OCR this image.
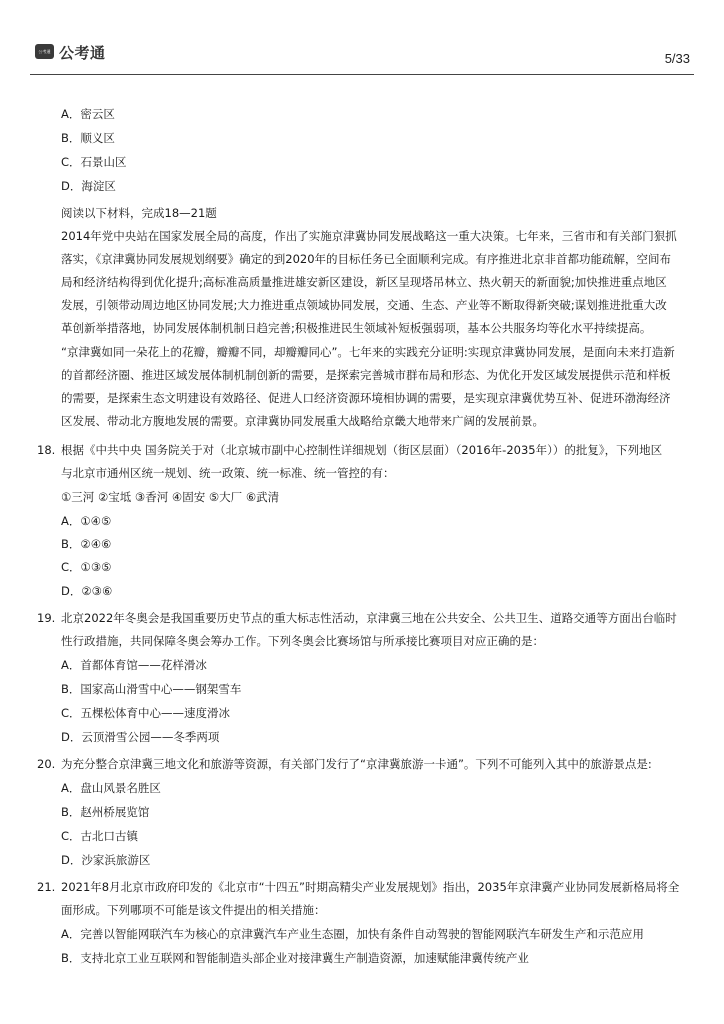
公考通 公考通	5/33
A．密云区
B．顺义区
C．石景山区
D．海淀区
阅读以下材料，完成18—21题
2014年党中央站在国家发展全局的高度，作出了实施京津冀协同发展战略这一重大决策。七年来，三省市和有关部门狠抓
落实，《京津冀协同发展规划纲要》确定的到2020年的目标任务已全面顺利完成。有序推进北京非首都功能疏解，空间布
局和经济结构得到优化提升;高标准高质量推进雄安新区建设，新区呈现塔吊林立、热火朝天的新面貌;加快推进重点地区
发展，引领带动周边地区协同发展;大力推进重点领域协同发展，交通、生态、产业等不断取得新突破;谋划推进批重大改
革创新举措落地，协同发展体制机制日趋完善;积极推进民生领域补短板强弱项，基本公共服务均等化水平持续提高。
“京津冀如同一朵花上的花瓣，瓣瓣不同，却瓣瓣同心”。七年来的实践充分证明:实现京津冀协同发展，是面向未来打造新
的首都经济圈、推进区域发展体制机制创新的需要，是探索完善城市群布局和形态、为优化开发区域发展提供示范和样板
的需要，是探索生态文明建设有效路径、促进人口经济资源环境相协调的需要，是实现京津冀优势互补、促进环渤海经济
区发展、带动北方腹地发展的需要。京津冀协同发展重大战略给京畿大地带来广阔的发展前景。
18. 根据《中共中央 国务院关于对（北京城市副中心控制性详细规划（街区层面）（2016年-2035年））的批复》，下列地区
与北京市通州区统一规划、统一政策、统一标准、统一管控的有：
①三河 ②宝坻 ③香河 ④固安 ⑤大厂 ⑥武清
A．①④⑤
B．②④⑥
C．①③⑤
D．②③⑥
19. 北京2022年冬奥会是我国重要历史节点的重大标志性活动，京津冀三地在公共安全、公共卫生、道路交通等方面出台临时
性行政措施，共同保障冬奥会筹办工作。下列冬奥会比赛场馆与所承接比赛项目对应正确的是：
A．首都体育馆——花样滑冰
B．国家高山滑雪中心——钢架雪车
C．五棵松体育中心——速度滑冰
D．云顶滑雪公园——冬季两项
20. 为充分整合京津冀三地文化和旅游等资源，有关部门发行了“京津冀旅游一卡通”。下列不可能列入其中的旅游景点是:
A．盘山风景名胜区
B．赵州桥展览馆
C．古北口古镇
D．沙家浜旅游区
21. 2021年8月北京市政府印发的《北京市“十四五”时期高精尖产业发展规划》指出，2035年京津冀产业协同发展新格局将全
面形成。下列哪项不可能是该文件提出的相关措施：
A．完善以智能网联汽车为核心的京津冀汽车产业生态圈，加快有条件自动驾驶的智能网联汽车研发生产和示范应用
B．支持北京工业互联网和智能制造头部企业对接津冀生产制造资源，加速赋能津冀传统产业
